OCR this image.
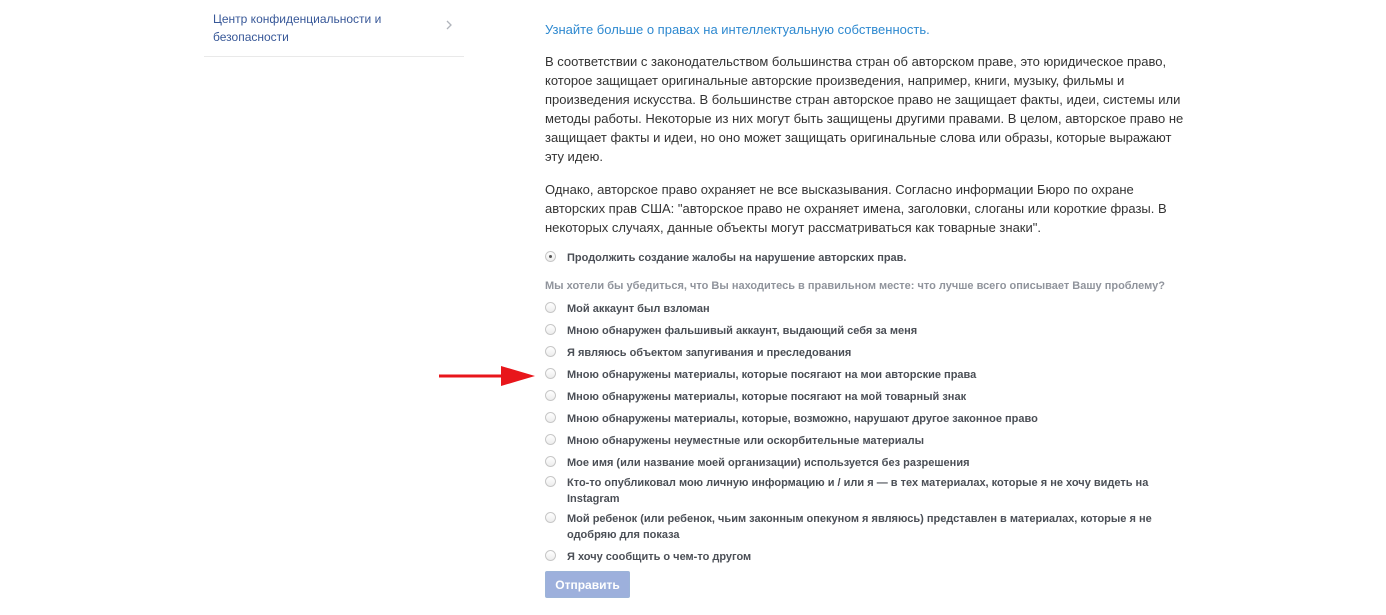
Центр конфиденциальности и безопасности	Узнайте больше о правах на интеллектуальную собственность.

В соответствии с законодательством большинства стран об авторском праве, это юридическое право, которое защищает оригинальные авторские произведения, например, книги, музыку, фильмы и произведения искусства. В большинстве стран авторское право не защищает факты, идеи, системы или методы работы. Некоторые из них могут быть защищены другими правами. В целом, авторское право не защищает факты и идеи, но оно может защищать оригинальные слова или образы, которые выражают эту идею.

Однако, авторское право охраняет не все высказывания. Согласно информации Бюро по охране авторских прав США: "авторское право не охраняет имена, заголовки, слоганы или короткие фразы. В некоторых случаях, данные объекты могут рассматриваться как товарные знаки".

Продолжить создание жалобы на нарушение авторских прав.
Мы хотели бы убедиться, что Вы находитесь в правильном месте: что лучше всего описывает Вашу проблему?
Мой аккаунт был взломан
Мною обнаружен фальшивый аккаунт, выдающий себя за меня
Я являюсь объектом запугивания и преследования
Мною обнаружены материалы, которые посягают на мои авторские права
Мною обнаружены материалы, которые посягают на мой товарный знак
Мною обнаружены материалы, которые, возможно, нарушают другое законное право
Мною обнаружены неуместные или оскорбительные материалы
Мое имя (или название моей организации) используется без разрешения
Кто-то опубликовал мою личную информацию и / или я — в тех материалах, которые я не хочу видеть на Instagram
Мой ребенок (или ребенок, чьим законным опекуном я являюсь) представлен в материалах, которые я не одобряю для показа
Я хочу сообщить о чем-то другом
Отправить
